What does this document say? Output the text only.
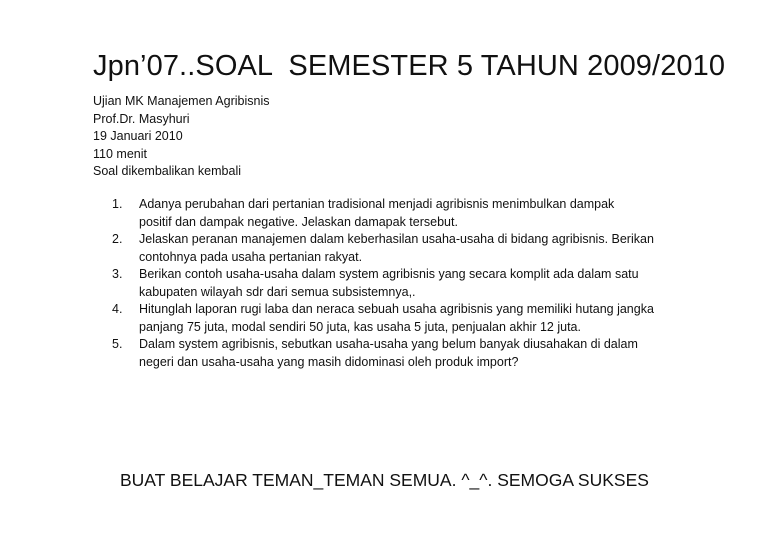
Jpn’07..SOAL  SEMESTER 5 TAHUN 2009/2010
Ujian MK Manajemen Agribisnis
Prof.Dr. Masyhuri
19 Januari 2010
110 menit
Soal dikembalikan kembali
1. Adanya perubahan dari pertanian tradisional menjadi agribisnis menimbulkan dampak
positif dan dampak negative. Jelaskan damapak tersebut.
2. Jelaskan peranan manajemen dalam keberhasilan usaha-usaha di bidang agribisnis. Berikan
contohnya pada usaha pertanian rakyat.
3. Berikan contoh usaha-usaha dalam system agribisnis yang secara komplit ada dalam satu
kabupaten wilayah sdr dari semua subsistemnya,.
4. Hitunglah laporan rugi laba dan neraca sebuah usaha agribisnis yang memiliki hutang jangka
panjang 75 juta, modal sendiri 50 juta, kas usaha 5 juta, penjualan akhir 12 juta.
5. Dalam system agribisnis, sebutkan usaha-usaha yang belum banyak diusahakan di dalam
negeri dan usaha-usaha yang masih didominasi oleh produk import?
BUAT BELAJAR TEMAN_TEMAN SEMUA. ^_^. SEMOGA SUKSES
